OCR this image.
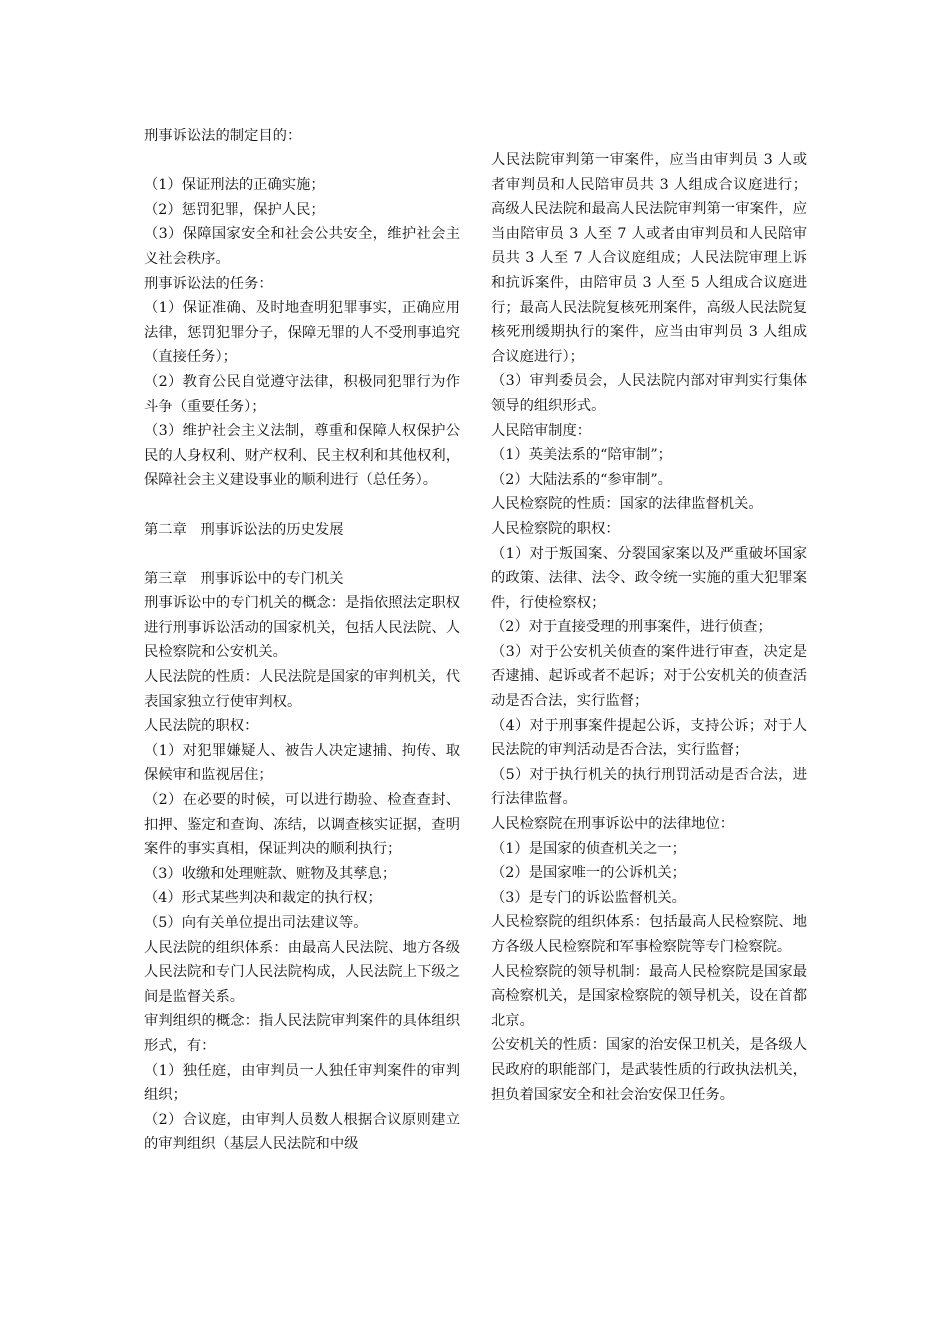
刑事诉讼法的制定目的：

（1）保证刑法的正确实施；

（2）惩罚犯罪，保护人民；

（3）保障国家安全和社会公共安全，维护社会主义社会秩序。

刑事诉讼法的任务：

（1）保证准确、及时地查明犯罪事实，正确应用法律，惩罚犯罪分子，保障无罪的人不受刑事追究（直接任务）；

（2）教育公民自觉遵守法律，积极同犯罪行为作斗争（重要任务）；

（3）维护社会主义法制，尊重和保障人权保护公民的人身权利、财产权利、民主权利和其他权利，保障社会主义建设事业的顺利进行（总任务）。

第二章   刑事诉讼法的历史发展

第三章   刑事诉讼中的专门机关

刑事诉讼中的专门机关的概念：是指依照法定职权进行刑事诉讼活动的国家机关，包括人民法院、人民检察院和公安机关。

人民法院的性质：人民法院是国家的审判机关，代表国家独立行使审判权。

人民法院的职权：

（1）对犯罪嫌疑人、被告人决定逮捕、拘传、取保候审和监视居住；

（2）在必要的时候，可以进行勘验、检查查封、扣押、鉴定和查询、冻结，以调查核实证据，查明案件的事实真相，保证判决的顺利执行；

（3）收缴和处理赃款、赃物及其孳息；

（4）形式某些判决和裁定的执行权；

（5）向有关单位提出司法建议等。

人民法院的组织体系：由最高人民法院、地方各级人民法院和专门人民法院构成，人民法院上下级之间是监督关系。

审判组织的概念：指人民法院审判案件的具体组织形式，有：

（1）独任庭，由审判员一人独任审判案件的审判组织；

（2）合议庭，由审判人员数人根据合议原则建立的审判组织（基层人民法院和中级

人民法院审判第一审案件，应当由审判员 3 人或者审判员和人民陪审员共 3 人组成合议庭进行；高级人民法院和最高人民法院审判第一审案件，应当由陪审员 3 人至 7 人或者由审判员和人民陪审员共 3 人至 7 人合议庭组成；人民法院审理上诉和抗诉案件，由陪审员 3 人至 5 人组成合议庭进行；最高人民法院复核死刑案件，高级人民法院复核死刑缓期执行的案件，应当由审判员 3 人组成合议庭进行）；

（3）审判委员会，人民法院内部对审判实行集体领导的组织形式。

人民陪审制度：

（1）英美法系的“陪审制”；

（2）大陆法系的“参审制”。

人民检察院的性质：国家的法律监督机关。

人民检察院的职权：

（1）对于叛国案、分裂国家案以及严重破坏国家的政策、法律、法令、政令统一实施的重大犯罪案件，行使检察权；

（2）对于直接受理的刑事案件，进行侦查；

（3）对于公安机关侦查的案件进行审查，决定是否逮捕、起诉或者不起诉；对于公安机关的侦查活动是否合法，实行监督；

（4）对于刑事案件提起公诉，支持公诉；对于人民法院的审判活动是否合法，实行监督；

（5）对于执行机关的执行刑罚活动是否合法，进行法律监督。

人民检察院在刑事诉讼中的法律地位：

（1）是国家的侦查机关之一；

（2）是国家唯一的公诉机关；

（3）是专门的诉讼监督机关。

人民检察院的组织体系：包括最高人民检察院、地方各级人民检察院和军事检察院等专门检察院。

人民检察院的领导机制：最高人民检察院是国家最高检察机关，是国家检察院的领导机关，设在首都北京。

公安机关的性质：国家的治安保卫机关，是各级人民政府的职能部门，是武装性质的行政执法机关，担负着国家安全和社会治安保卫任务。
